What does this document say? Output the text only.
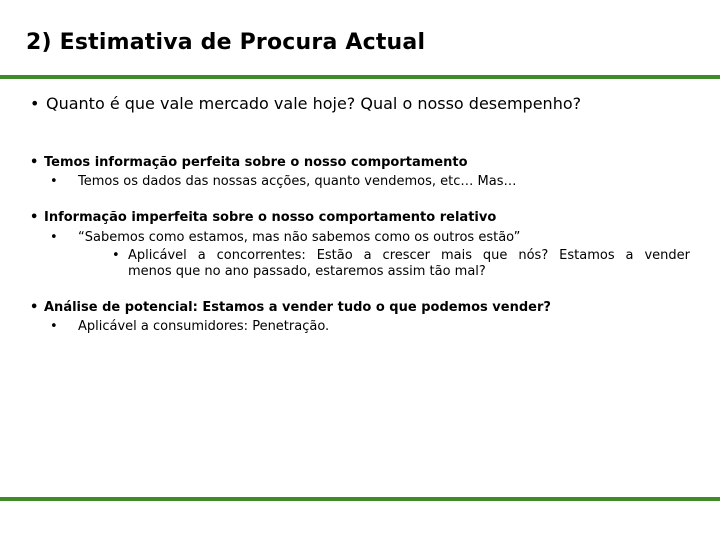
2) Estimativa de Procura Actual
• Quanto é que vale mercado vale hoje? Qual o nosso desempenho?
• Temos informação perfeita sobre o nosso comportamento
• Temos os dados das nossas acções, quanto vendemos, etc… Mas…
• Informação imperfeita sobre o nosso comportamento relativo
• “Sabemos como estamos, mas não sabemos como os outros estão”
• Aplicável a concorrentes: Estão a crescer mais que nós? Estamos a vender
menos que no ano passado, estaremos assim tão mal?
• Análise de potencial: Estamos a vender tudo o que podemos vender?
• Aplicável a consumidores: Penetração.
